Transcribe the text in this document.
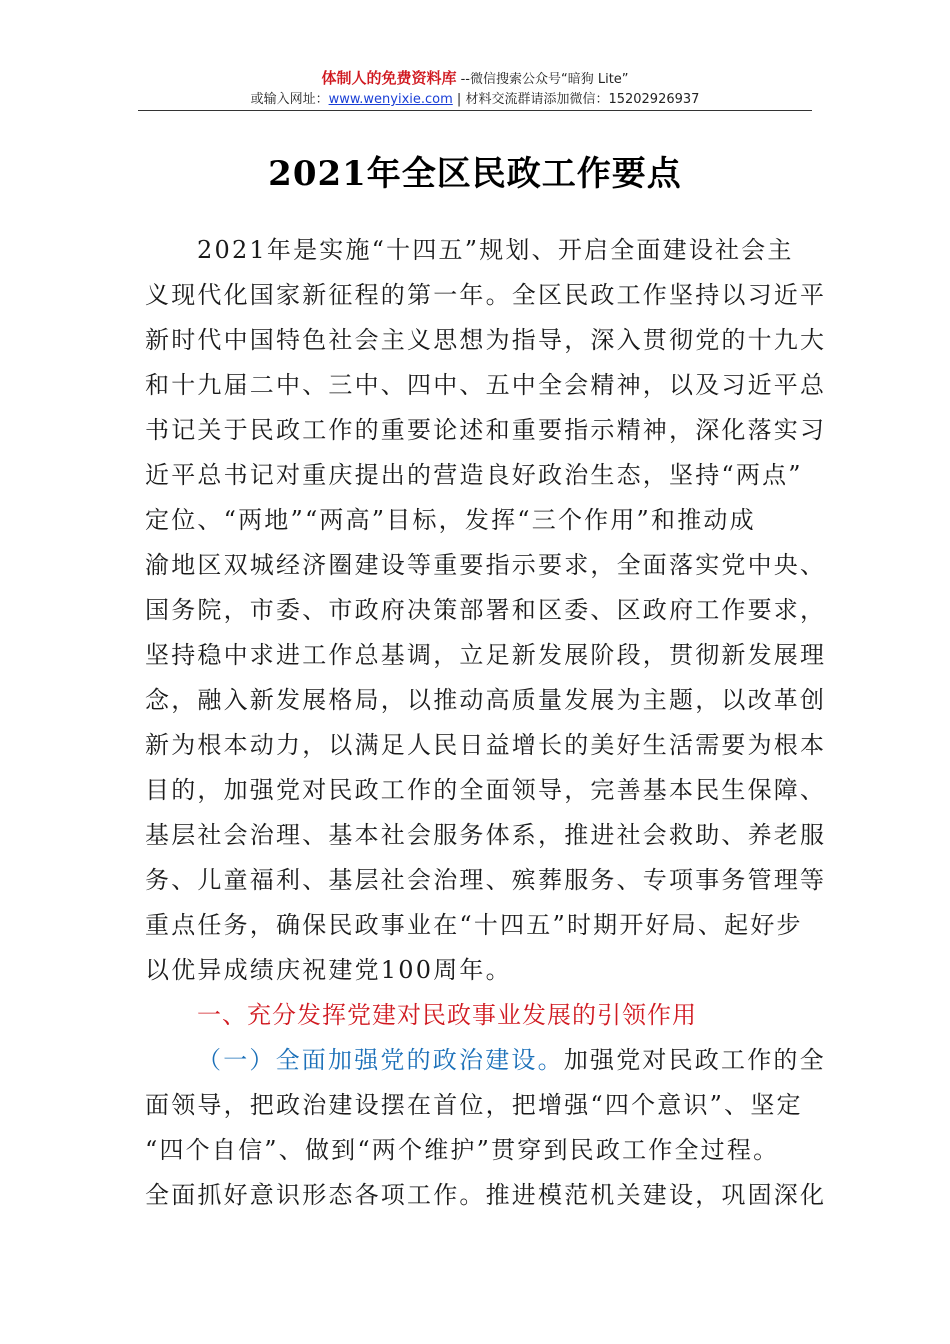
体制人的免费资料库 --微信搜索公众号“暗狗 Lite”
或输入网址：www.wenyixie.com | 材料交流群请添加微信：15202926937
2021年全区民政工作要点
2021年是实施“十四五”规划、开启全面建设社会主
义现代化国家新征程的第一年。全区民政工作坚持以习近平
新时代中国特色社会主义思想为指导，深入贯彻党的十九大
和十九届二中、三中、四中、五中全会精神，以及习近平总
书记关于民政工作的重要论述和重要指示精神，深化落实习
近平总书记对重庆提出的营造良好政治生态，坚持“两点”
定位、“两地”“两高”目标，发挥“三个作用”和推动成
渝地区双城经济圈建设等重要指示要求，全面落实党中央、
国务院，市委、市政府决策部署和区委、区政府工作要求，
坚持稳中求进工作总基调，立足新发展阶段，贯彻新发展理
念，融入新发展格局，以推动高质量发展为主题，以改革创
新为根本动力，以满足人民日益增长的美好生活需要为根本
目的，加强党对民政工作的全面领导，完善基本民生保障、
基层社会治理、基本社会服务体系，推进社会救助、养老服
务、儿童福利、基层社会治理、殡葬服务、专项事务管理等
重点任务，确保民政事业在“十四五”时期开好局、起好步
以优异成绩庆祝建党100周年。
一、充分发挥党建对民政事业发展的引领作用
（一）全面加强党的政治建设。加强党对民政工作的全
面领导，把政治建设摆在首位，把增强“四个意识”、坚定
“四个自信”、做到“两个维护”贯穿到民政工作全过程。
全面抓好意识形态各项工作。推进模范机关建设，巩固深化
